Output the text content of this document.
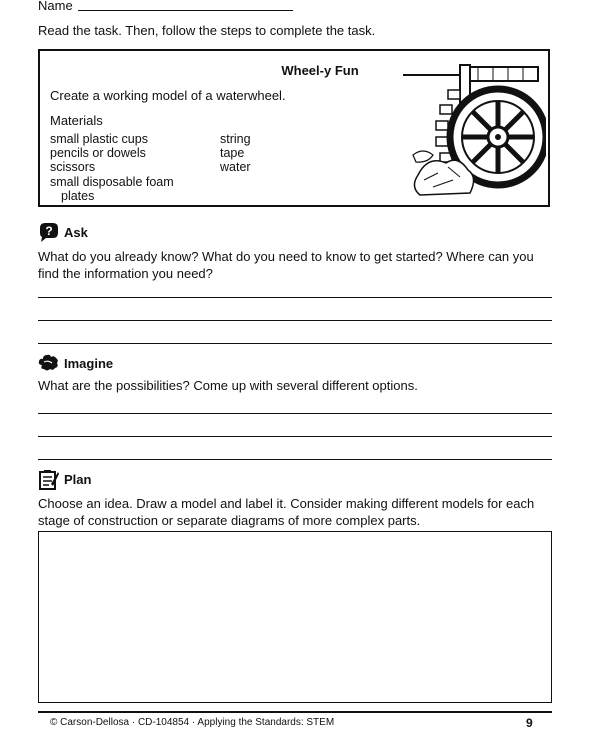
Name
Read the task. Then, follow the steps to complete the task.
Wheel-y Fun
Create a working model of a waterwheel.
Materials
small plastic cups
pencils or dowels
scissors
small disposable foam
plates
string
tape
water
? Ask
What do you already know? What do you need to know to get started? Where can you
find the information you need?
Imagine
What are the possibilities? Come up with several different options.
Plan
Choose an idea. Draw a model and label it. Consider making different models for each
stage of construction or separate diagrams of more complex parts.
© Carson-Dellosa · CD-104854 · Applying the Standards: STEM	9
